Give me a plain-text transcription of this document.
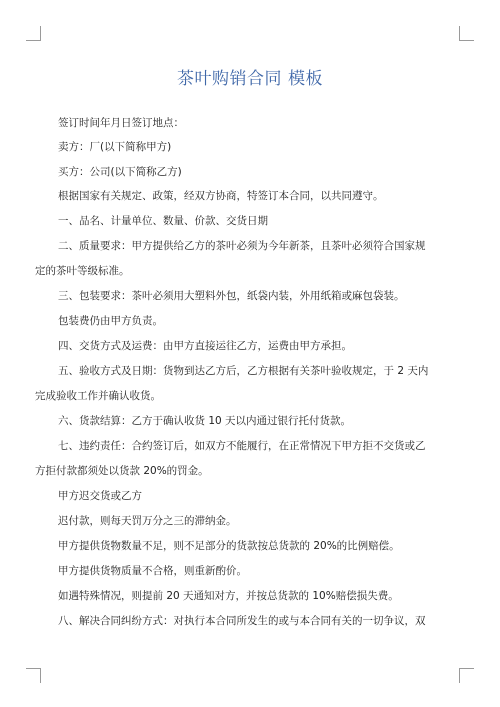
茶叶购销合同 模板
签订时间年月日签订地点：
卖方：厂(以下简称甲方)
买方：公司(以下简称乙方)
根据国家有关规定、政策，经双方协商，特签订本合同，以共同遵守。
一、品名、计量单位、数量、价款、交货日期
二、质量要求：甲方提供给乙方的茶叶必须为今年新茶，且茶叶必须符合国家规
定的茶叶等级标准。
三、包装要求：茶叶必须用大塑料外包，纸袋内装，外用纸箱或麻包袋装。
包装费仍由甲方负责。
四、交货方式及运费：由甲方直接运往乙方，运费由甲方承担。
五、验收方式及日期：货物到达乙方后，乙方根据有关茶叶验收规定，于 2 天内
完成验收工作并确认收货。
六、货款结算：乙方于确认收货 10 天以内通过银行托付货款。
七、违约责任：合约签订后，如双方不能履行，在正常情况下甲方拒不交货或乙
方拒付款都须处以货款 20%的罚金。
甲方迟交货或乙方
迟付款，则每天罚万分之三的滞纳金。
甲方提供货物数量不足，则不足部分的货款按总货款的 20%的比例赔偿。
甲方提供货物质量不合格，则重新酌价。
如遇特殊情况，则提前 20 天通知对方，并按总货款的 10%赔偿损失费。
八、解决合同纠纷方式：对执行本合同所发生的或与本合同有关的一切争议，双
